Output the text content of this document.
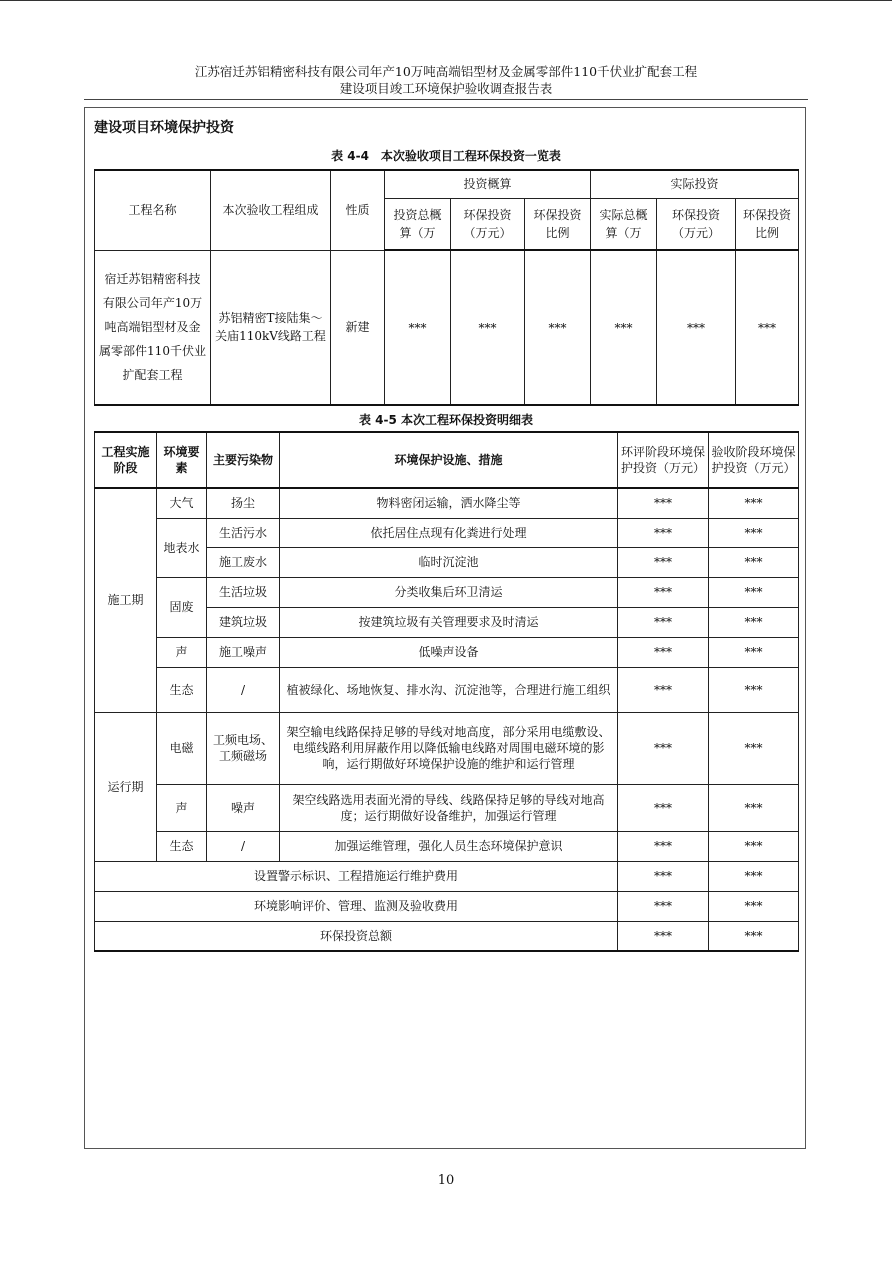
江苏宿迁苏铝精密科技有限公司年产10万吨高端铝型材及金属零部件110千伏业扩配套工程
建设项目竣工环境保护验收调查报告表
建设项目环境保护投资
表 4-4　本次验收项目工程环保投资一览表
工程名称	本次验收工程组成	性质	投资概算			实际投资		
			投资总概算（万	环保投资（万元）	环保投资比例	实际总概算（万	环保投资（万元）	环保投资比例
宿迁苏铝精密科技有限公司年产10万吨高端铝型材及金属零部件110千伏业扩配套工程	苏铝精密T接陆集～关庙110kV线路工程	新建	***	***	***	***	***	***
表 4-5 本次工程环保投资明细表
工程实施阶段	环境要素	主要污染物	环境保护设施、措施	环评阶段环境保护投资（万元）	验收阶段环境保护投资（万元）
施工期	大气	扬尘	物料密闭运输，洒水降尘等	***	***
	地表水	生活污水	依托居住点现有化粪进行处理	***	***
		施工废水	临时沉淀池	***	***
	固废	生活垃圾	分类收集后环卫清运	***	***
		建筑垃圾	按建筑垃圾有关管理要求及时清运	***	***
	声	施工噪声	低噪声设备	***	***
	生态	/	植被绿化、场地恢复、排水沟、沉淀池等，合理进行施工组织	***	***
运行期	电磁	工频电场、工频磁场	架空输电线路保持足够的导线对地高度，部分采用电缆敷设、电缆线路利用屏蔽作用以降低输电线路对周围电磁环境的影响，运行期做好环境保护设施的维护和运行管理	***	***
	声	噪声	架空线路选用表面光滑的导线、线路保持足够的导线对地高度；运行期做好设备维护，加强运行管理	***	***
	生态	/	加强运维管理，强化人员生态环境保护意识	***	***
设置警示标识、工程措施运行维护费用				***	***
环境影响评价、管理、监测及验收费用				***	***
环保投资总额				***	***
10
